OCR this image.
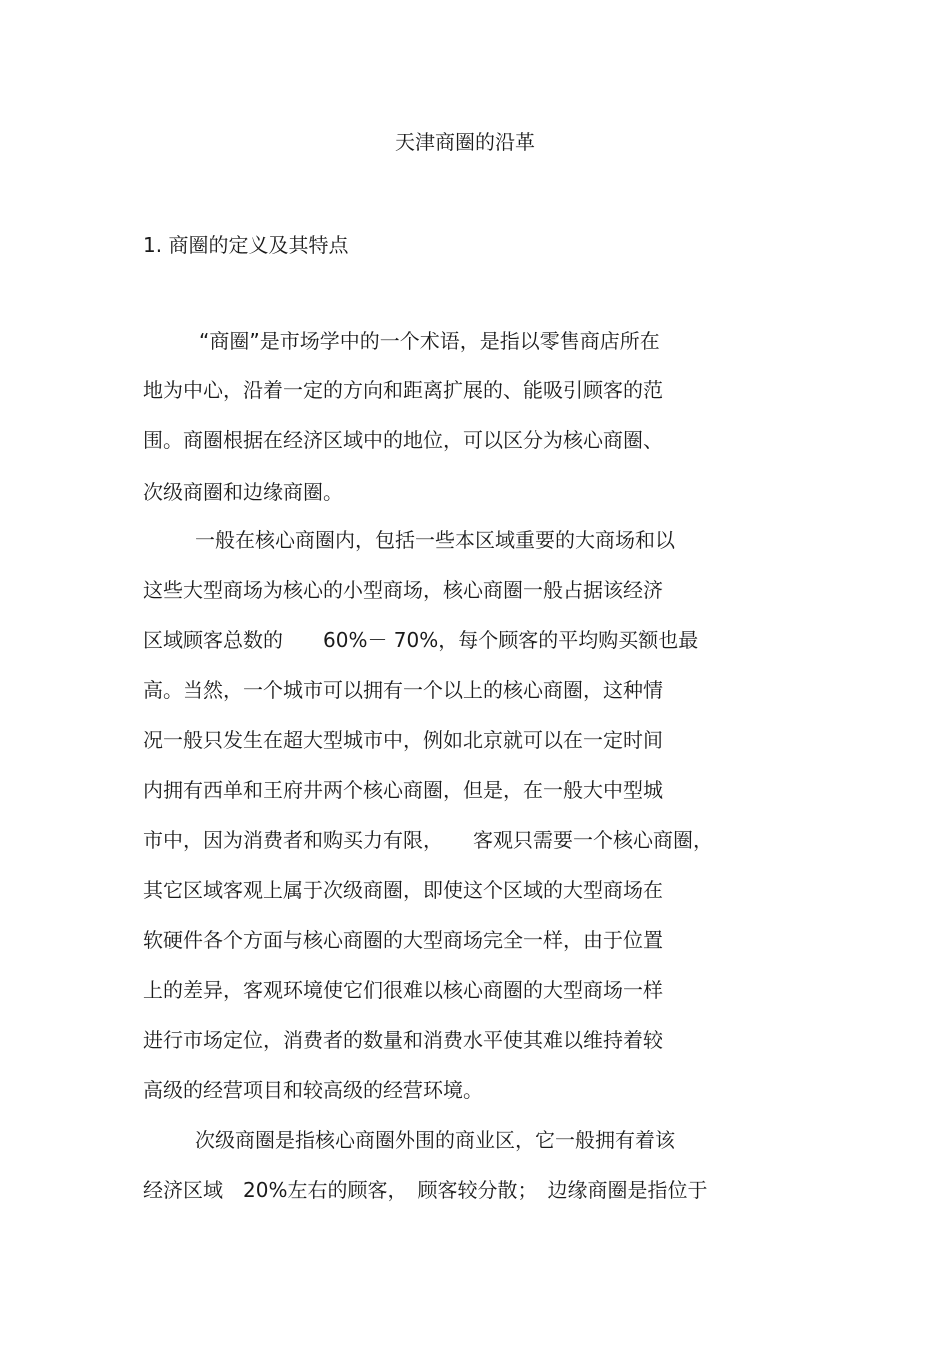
天津商圈的沿革
1. 商圈的定义及其特点
“商圈”是市场学中的一个术语，是指以零售商店所在
地为中心，沿着一定的方向和距离扩展的、能吸引顾客的范
围。商圈根据在经济区域中的地位，可以区分为核心商圈、
次级商圈和边缘商圈。
一般在核心商圈内，包括一些本区域重要的大商场和以
这些大型商场为核心的小型商场，核心商圈一般占据该经济
区域顾客总数的　　60%－ 70%，每个顾客的平均购买额也最
高。当然，一个城市可以拥有一个以上的核心商圈，这种情
况一般只发生在超大型城市中，例如北京就可以在一定时间
内拥有西单和王府井两个核心商圈，但是，在一般大中型城
市中，因为消费者和购买力有限，　　客观只需要一个核心商圈，
其它区域客观上属于次级商圈，即使这个区域的大型商场在
软硬件各个方面与核心商圈的大型商场完全一样，由于位置
上的差异，客观环境使它们很难以核心商圈的大型商场一样
进行市场定位，消费者的数量和消费水平使其难以维持着较
高级的经营项目和较高级的经营环境。
次级商圈是指核心商圈外围的商业区，它一般拥有着该
经济区域　20%左右的顾客，　顾客较分散；　边缘商圈是指位于
